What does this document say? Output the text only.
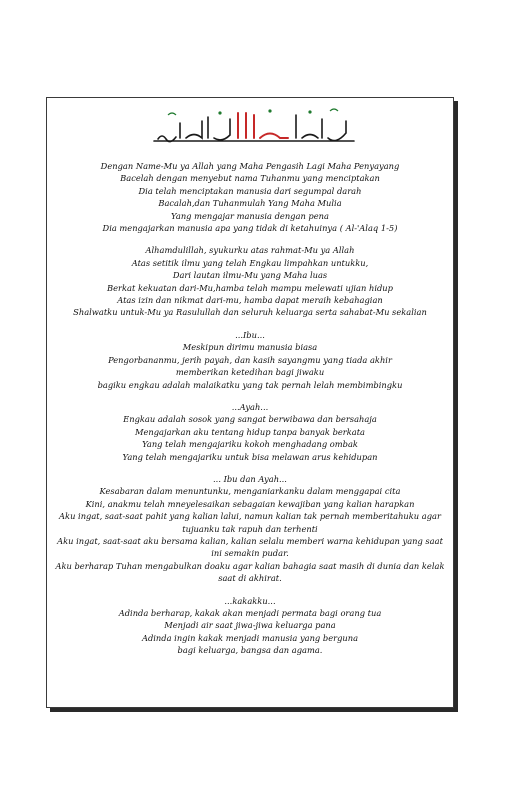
Dengan Name-Mu ya Allah yang Maha Pengasih Lagi Maha Penyayang
Bacelah dengan menyebut nama Tuhanmu yang menciptakan
Dia telah menciptakan manusia dari segumpal darah
Bacalah,dan Tuhanmulah Yang Maha Mulia
Yang mengajar manusia dengan pena
Dia mengajarkan manusia apa yang tidak di ketahuinya ( Al-'Alaq 1-5)
Alhamdulillah, syukurku atas rahmat-Mu ya Allah
Atas setitik ilmu yang telah Engkau limpahkan untukku,
Dari lautan ilmu-Mu yang Maha luas
Berkat kekuatan dari-Mu,hamba telah mampu melewati ujian hidup
Atas izin dan nikmat dari-mu, hamba dapat meraih kebahagian
Shalwatku untuk-Mu ya Rasulullah dan seluruh keluarga serta sahabat-Mu sekalian
...Ibu...
Meskipun dirimu manusia biasa
Pengorbananmu, jerih payah, dan kasih sayangmu yang tiada akhir
memberikan ketedihan bagi jiwaku
bagiku engkau adalah malaikatku yang tak pernah lelah membimbingku
...Ayah...
Engkau adalah sosok yang sangat berwibawa dan bersahaja
Mengajarkan aku tentang hidup tanpa banyak berkata
Yang telah mengajariku kokoh menghadang ombak
Yang telah mengajariku untuk bisa melawan arus kehidupan
... Ibu dan Ayah...
Kesabaran dalam menuntunku, menganiarkanku dalam menggapai cita
Kini, anakmu telah mneyelesaikan sebagaian kewajiban yang kalian harapkan
Aku ingat, saat-saat pahit yang kalian lalui, namun kalian tak pernah memberitahuku agar
tujuanku tak rapuh dan terhenti
Aku ingat, saat-saat aku bersama kalian, kalian selalu memberi warna kehidupan yang saat
ini semakin pudar.
Aku berharap Tuhan mengabulkan doaku agar kalian bahagia saat masih di dunia dan kelak
saat di akhirat.
...kakakku...
Adinda berharap, kakak akan menjadi permata bagi orang tua
Menjadi air saat jiwa-jiwa keluarga pana
Adinda ingin kakak menjadi manusia yang berguna
bagi keluarga, bangsa dan agama.
